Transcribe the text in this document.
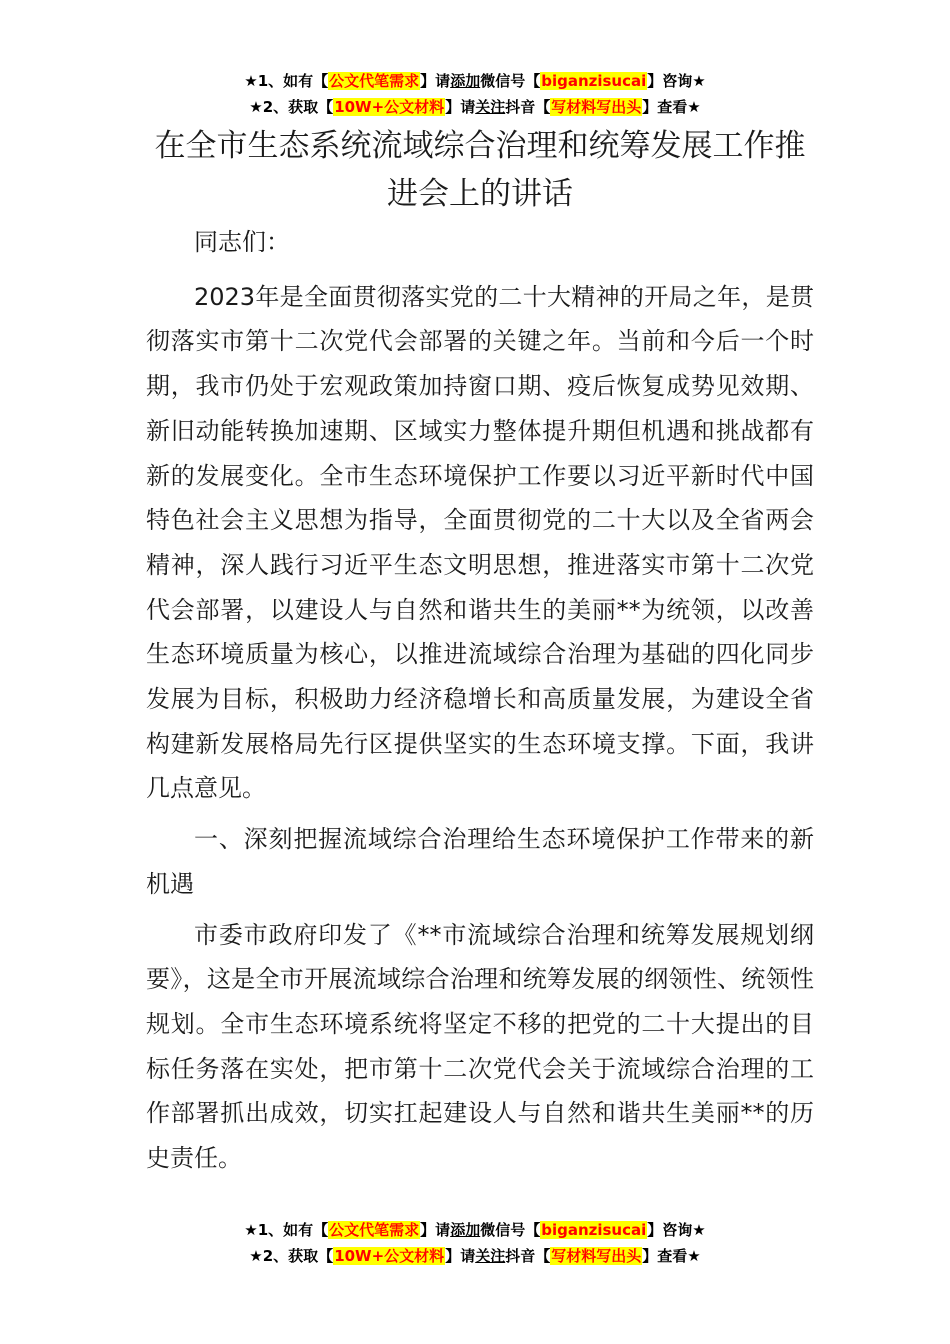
★1、如有【公文代笔需求】请添加微信号【biganzisucai】咨询★
★2、获取【10W+公文材料】请关注抖音【写材料写出头】查看★
在全市生态系统流域综合治理和统筹发展工作推进会上的讲话

同志们：

2023年是全面贯彻落实党的二十大精神的开局之年，是贯彻落实市第十二次党代会部署的关键之年。当前和今后一个时期，我市仍处于宏观政策加持窗口期、疫后恢复成势见效期、新旧动能转换加速期、区域实力整体提升期但机遇和挑战都有新的发展变化。全市生态环境保护工作要以习近平新时代中国特色社会主义思想为指导，全面贯彻党的二十大以及全省两会精神，深人践行习近平生态文明思想，推进落实市第十二次党代会部署，以建设人与自然和谐共生的美丽**为统领，以改善生态环境质量为核心，以推进流域综合治理为基础的四化同步发展为目标，积极助力经济稳增长和高质量发展，为建设全省构建新发展格局先行区提供坚实的生态环境支撑。下面，我讲几点意见。

一、深刻把握流域综合治理给生态环境保护工作带来的新机遇

市委市政府印发了《**市流域综合治理和统筹发展规划纲要》，这是全市开展流域综合治理和统筹发展的纲领性、统领性规划。全市生态环境系统将坚定不移的把党的二十大提出的目标任务落在实处，把市第十二次党代会关于流域综合治理的工作部署抓出成效，切实扛起建设人与自然和谐共生美丽**的历史责任。

★1、如有【公文代笔需求】请添加微信号【biganzisucai】咨询★
★2、获取【10W+公文材料】请关注抖音【写材料写出头】查看★
